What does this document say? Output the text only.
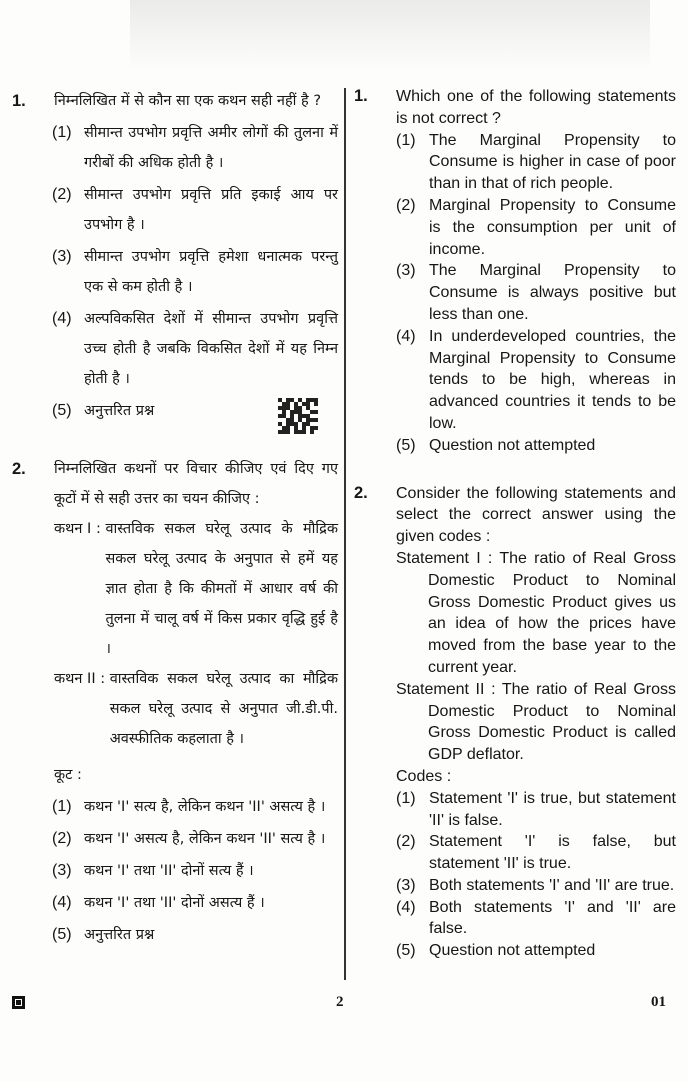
1. निम्नलिखित में से कौन सा एक कथन सही नहीं है ?
(1) सीमान्त उपभोग प्रवृत्ति अमीर लोगों की तुलना में गरीबों की अधिक होती है ।
(2) सीमान्त उपभोग प्रवृत्ति प्रति इकाई आय पर उपभोग है ।
(3) सीमान्त उपभोग प्रवृत्ति हमेशा धनात्मक परन्तु एक से कम होती है ।
(4) अल्पविकसित देशों में सीमान्त उपभोग प्रवृत्ति उच्च होती है जबकि विकसित देशों में यह निम्न होती है ।
(5) अनुत्तरित प्रश्न
2. निम्नलिखित कथनों पर विचार कीजिए एवं दिए गए कूटों में से सही उत्तर का चयन कीजिए :
कथन I : वास्तविक सकल घरेलू उत्पाद के मौद्रिक सकल घरेलू उत्पाद के अनुपात से हमें यह ज्ञात होता है कि कीमतों में आधार वर्ष की तुलना में चालू वर्ष में किस प्रकार वृद्धि हुई है ।
कथन II : वास्तविक सकल घरेलू उत्पाद का मौद्रिक सकल घरेलू उत्पाद से अनुपात जी.डी.पी. अवस्फीतिक कहलाता है ।
कूट :
(1) कथन 'I' सत्य है, लेकिन कथन 'II' असत्य है ।
(2) कथन 'I' असत्य है, लेकिन कथन 'II' सत्य है ।
(3) कथन 'I' तथा 'II' दोनों सत्य हैं ।
(4) कथन 'I' तथा 'II' दोनों असत्य हैं ।
(5) अनुत्तरित प्रश्न
1. Which one of the following statements is not correct ?
(1) The Marginal Propensity to Consume is higher in case of poor than in that of rich people.
(2) Marginal Propensity to Consume is the consumption per unit of income.
(3) The Marginal Propensity to Consume is always positive but less than one.
(4) In underdeveloped countries, the Marginal Propensity to Consume tends to be high, whereas in advanced countries it tends to be low.
(5) Question not attempted
2. Consider the following statements and select the correct answer using the given codes :
Statement I : The ratio of Real Gross Domestic Product to Nominal Gross Domestic Product gives us an idea of how the prices have moved from the base year to the current year.
Statement II : The ratio of Real Gross Domestic Product to Nominal Gross Domestic Product is called GDP deflator.
Codes :
(1) Statement 'I' is true, but statement 'II' is false.
(2) Statement 'I' is false, but statement 'II' is true.
(3) Both statements 'I' and 'II' are true.
(4) Both statements 'I' and 'II' are false.
(5) Question not attempted
2	01
